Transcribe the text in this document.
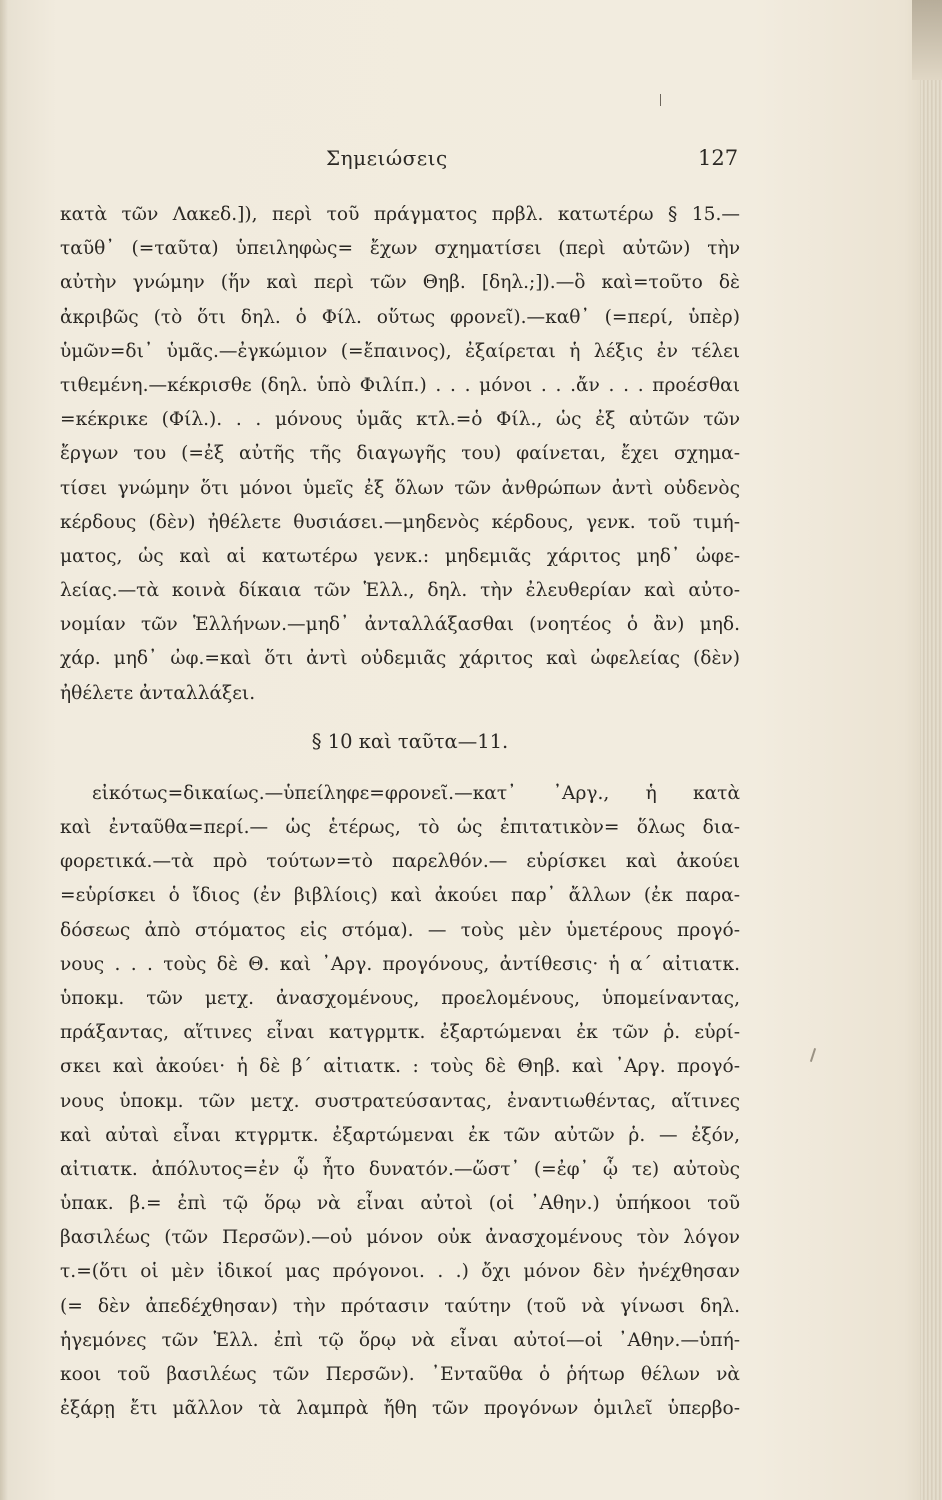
Σημειώσεις	127
κατὰ τῶν Λακεδ.]), περὶ τοῦ πράγματος πρβλ. κατωτέρω § 15.—
ταῦθ᾽ (=ταῦτα) ὑπειληφὼς= ἔχων σχηματίσει (περὶ αὐτῶν) τὴν
αὐτὴν γνώμην (ἥν καὶ περὶ τῶν Θηβ. [δηλ.;]).—ὃ καὶ=τοῦτο δὲ
ἀκριβῶς (τὸ ὅτι δηλ. ὁ Φίλ. οὕτως φρονεῖ).—καθ᾽ (=περί, ὑπὲρ)
ὑμῶν=δι᾽ ὑμᾶς.—ἐγκώμιον (=ἔπαινος), ἐξαίρεται ἡ λέξις ἐν τέλει
τιθεμένη.—κέκρισθε (δηλ. ὑπὸ Φιλίπ.) . . . μόνοι . . .ἄν . . . προέσθαι
=κέκρικε (Φίλ.). . . μόνους ὑμᾶς κτλ.=ὁ Φίλ., ὡς ἐξ αὐτῶν τῶν
ἔργων του (=ἐξ αὐτῆς τῆς διαγωγῆς του) φαίνεται, ἔχει σχημα-
τίσει γνώμην ὅτι μόνοι ὑμεῖς ἐξ ὅλων τῶν ἀνθρώπων ἀντὶ οὐδενὸς
κέρδους (δὲν) ἠθέλετε θυσιάσει.—μηδενὸς κέρδους, γενκ. τοῦ τιμή-
ματος, ὡς καὶ αἱ κατωτέρω γενκ.: μηδεμιᾶς χάριτος μηδ᾽ ὠφε-
λείας.—τὰ κοινὰ δίκαια τῶν Ἑλλ., δηλ. τὴν ἐλευθερίαν καὶ αὐτο-
νομίαν τῶν Ἑλλήνων.—μηδ᾽ ἀνταλλάξασθαι (νοητέος ὁ ἂν) μηδ.
χάρ. μηδ᾽ ὠφ.=καὶ ὅτι ἀντὶ οὐδεμιᾶς χάριτος καὶ ὠφελείας (δὲν)
ἠθέλετε ἀνταλλάξει.
§ 10 καὶ ταῦτα—11.
εἰκότως=δικαίως.—ὑπείληφε=φρονεῖ.—κατ᾽ ᾽Αργ., ἡ κατὰ
καὶ ἐνταῦθα=περί.— ὡς ἑτέρως, τὸ ὡς ἐπιτατικὸν= ὅλως δια-
φορετικά.—τὰ πρὸ τούτων=τὸ παρελθόν.— εὑρίσκει καὶ ἀκούει
=εὑρίσκει ὁ ἴδιος (ἐν βιβλίοις) καὶ ἀκούει παρ᾽ ἄλλων (ἐκ παρα-
δόσεως ἀπὸ στόματος εἰς στόμα). — τοὺς μὲν ὑμετέρους προγό-
νους . . . τοὺς δὲ Θ. καὶ ᾽Αργ. προγόνους, ἀντίθεσις· ἡ α´ αἰτιατκ.
ὑποκμ. τῶν μετχ. ἀνασχομένους, προελομένους, ὑπομείναντας,
πράξαντας, αἵτινες εἶναι κατγρμτκ. ἐξαρτώμεναι ἐκ τῶν ῥ. εὑρί-
σκει καὶ ἀκούει· ἡ δὲ β´ αἰτιατκ. : τοὺς δὲ Θηβ. καὶ ᾽Αργ. προγό-
νους ὑποκμ. τῶν μετχ. συστρατεύσαντας, ἐναντιωθέντας, αἵτινες
καὶ αὐταὶ εἶναι κτγρμτκ. ἐξαρτώμεναι ἐκ τῶν αὐτῶν ῥ. — ἐξόν,
αἰτιατκ. ἀπόλυτος=ἐν ᾧ ἦτο δυνατόν.—ὥστ᾽ (=ἐφ᾽ ᾧ τε) αὐτοὺς
ὑπακ. β.= ἐπὶ τῷ ὅρῳ νὰ εἶναι αὐτοὶ (οἱ ᾽Αθην.) ὑπήκοοι τοῦ
βασιλέως (τῶν Περσῶν).—οὐ μόνον οὐκ ἀνασχομένους τὸν λόγον
τ.=(ὅτι οἱ μὲν ἰδικοί μας πρόγονοι. . .) ὄχι μόνον δὲν ἠνέχθησαν
(= δὲν ἀπεδέχθησαν) τὴν πρότασιν ταύτην (τοῦ νὰ γίνωσι δηλ.
ἡγεμόνες τῶν Ἑλλ. ἐπὶ τῷ ὅρῳ νὰ εἶναι αὐτοί—οἱ ᾽Αθην.—ὑπή-
κοοι τοῦ βασιλέως τῶν Περσῶν). ᾽Ενταῦθα ὁ ῥήτωρ θέλων νὰ
ἐξάρῃ ἔτι μᾶλλον τὰ λαμπρὰ ἤθη τῶν προγόνων ὁμιλεῖ ὑπερβο-
